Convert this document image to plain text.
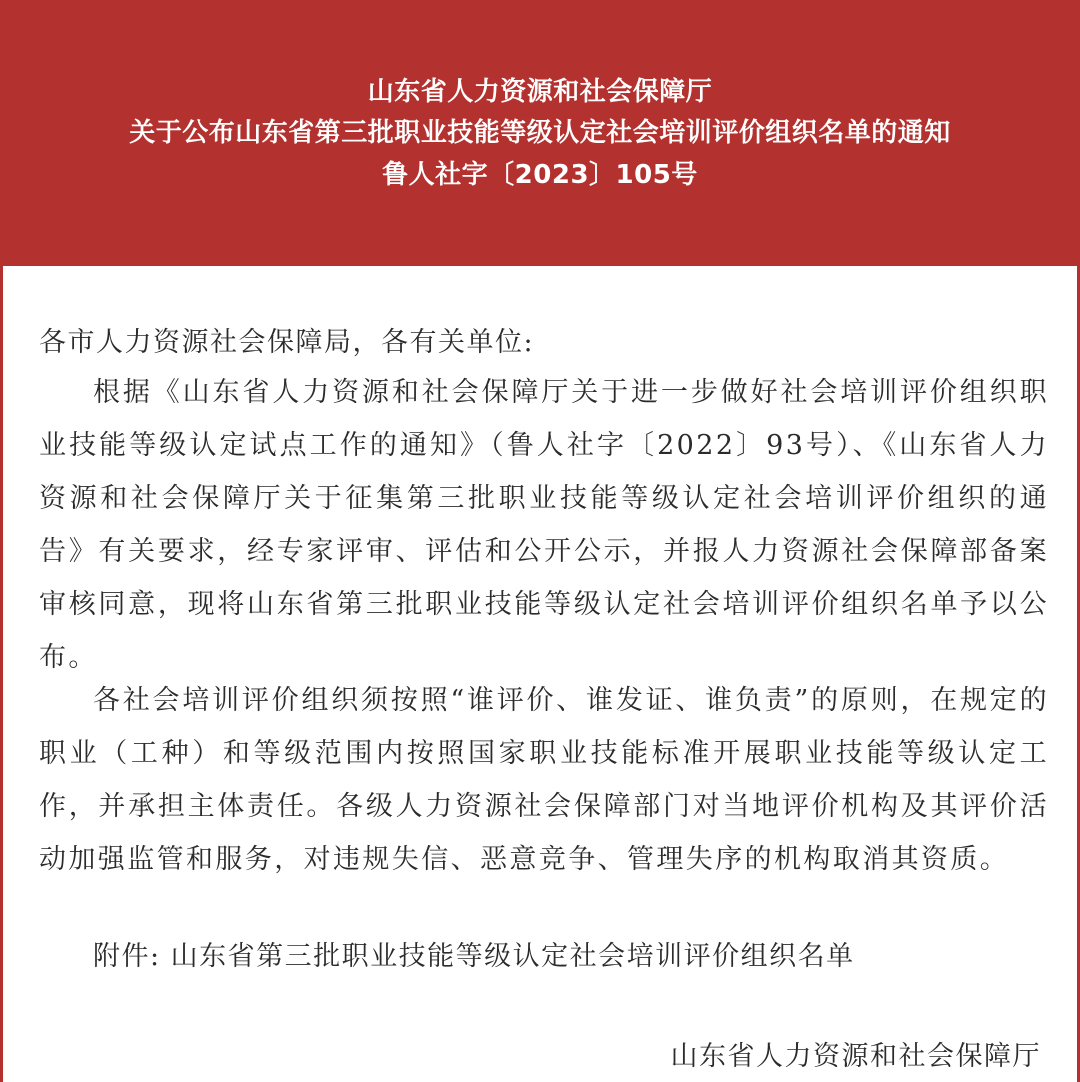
山东省人力资源和社会保障厅
关于公布山东省第三批职业技能等级认定社会培训评价组织名单的通知
鲁人社字〔2023〕105号
各市人力资源社会保障局，各有关单位:

根据《山东省人力资源和社会保障厅关于进一步做好社会培训评价组织职业技能等级认定试点工作的通知》（鲁人社字〔2022〕93号）、《山东省人力资源和社会保障厅关于征集第三批职业技能等级认定社会培训评价组织的通告》有关要求，经专家评审、评估和公开公示，并报人力资源社会保障部备案审核同意，现将山东省第三批职业技能等级认定社会培训评价组织名单予以公布。

各社会培训评价组织须按照“谁评价、谁发证、谁负责”的原则，在规定的职业（工种）和等级范围内按照国家职业技能标准开展职业技能等级认定工作，并承担主体责任。各级人力资源社会保障部门对当地评价机构及其评价活动加强监管和服务，对违规失信、恶意竞争、管理失序的机构取消其资质。

附件: 山东省第三批职业技能等级认定社会培训评价组织名单
山东省人力资源和社会保障厅
